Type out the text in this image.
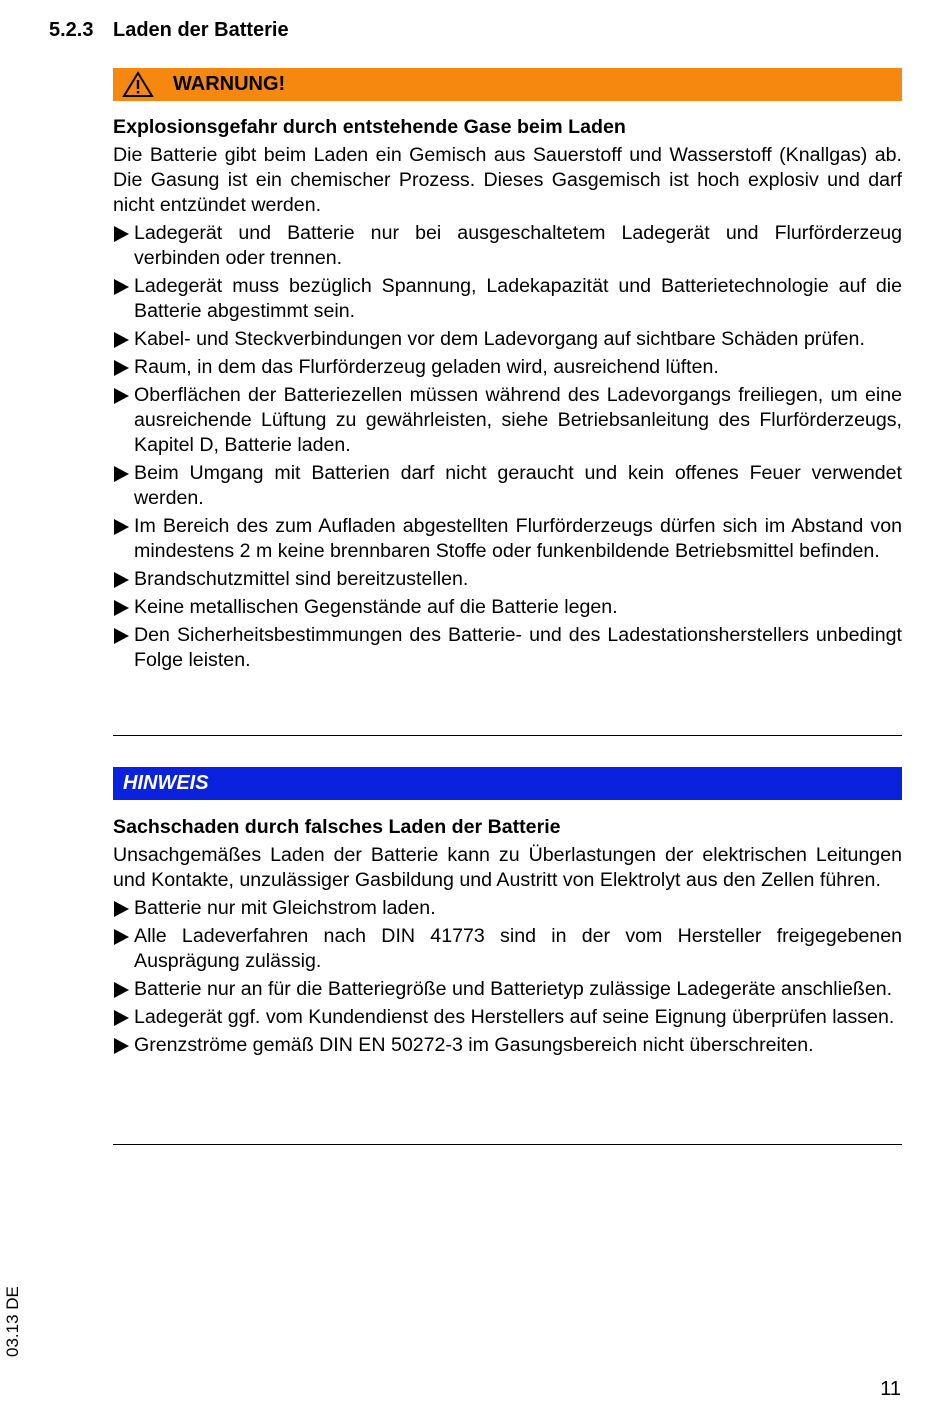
5.2.3 Laden der Batterie
WARNUNG!
Explosionsgefahr durch entstehende Gase beim Laden
Die Batterie gibt beim Laden ein Gemisch aus Sauerstoff und Wasserstoff (Knallgas) ab. Die Gasung ist ein chemischer Prozess. Dieses Gasgemisch ist hoch explosiv und darf nicht entzündet werden.
Ladegerät und Batterie nur bei ausgeschaltetem Ladegerät und Flurförderzeug verbinden oder trennen.
Ladegerät muss bezüglich Spannung, Ladekapazität und Batterietechnologie auf die Batterie abgestimmt sein.
Kabel- und Steckverbindungen vor dem Ladevorgang auf sichtbare Schäden prüfen.
Raum, in dem das Flurförderzeug geladen wird, ausreichend lüften.
Oberflächen der Batteriezellen müssen während des Ladevorgangs freiliegen, um eine ausreichende Lüftung zu gewährleisten, siehe Betriebsanleitung des Flurförderzeugs, Kapitel D, Batterie laden.
Beim Umgang mit Batterien darf nicht geraucht und kein offenes Feuer verwendet werden.
Im Bereich des zum Aufladen abgestellten Flurförderzeugs dürfen sich im Abstand von mindestens 2 m keine brennbaren Stoffe oder funkenbildende Betriebsmittel befinden.
Brandschutzmittel sind bereitzustellen.
Keine metallischen Gegenstände auf die Batterie legen.
Den Sicherheitsbestimmungen des Batterie- und des Ladestationsherstellers unbedingt Folge leisten.
HINWEIS
Sachschaden durch falsches Laden der Batterie
Unsachgemäßes Laden der Batterie kann zu Überlastungen der elektrischen Leitungen und Kontakte, unzulässiger Gasbildung und Austritt von Elektrolyt aus den Zellen führen.
Batterie nur mit Gleichstrom laden.
Alle Ladeverfahren nach DIN 41773 sind in der vom Hersteller freigegebenen Ausprägung zulässig.
Batterie nur an für die Batteriegröße und Batterietyp zulässige Ladegeräte anschließen.
Ladegerät ggf. vom Kundendienst des Herstellers auf seine Eignung überprüfen lassen.
Grenzströme gemäß DIN EN 50272-3 im Gasungsbereich nicht überschreiten.
03.13 DE
11
